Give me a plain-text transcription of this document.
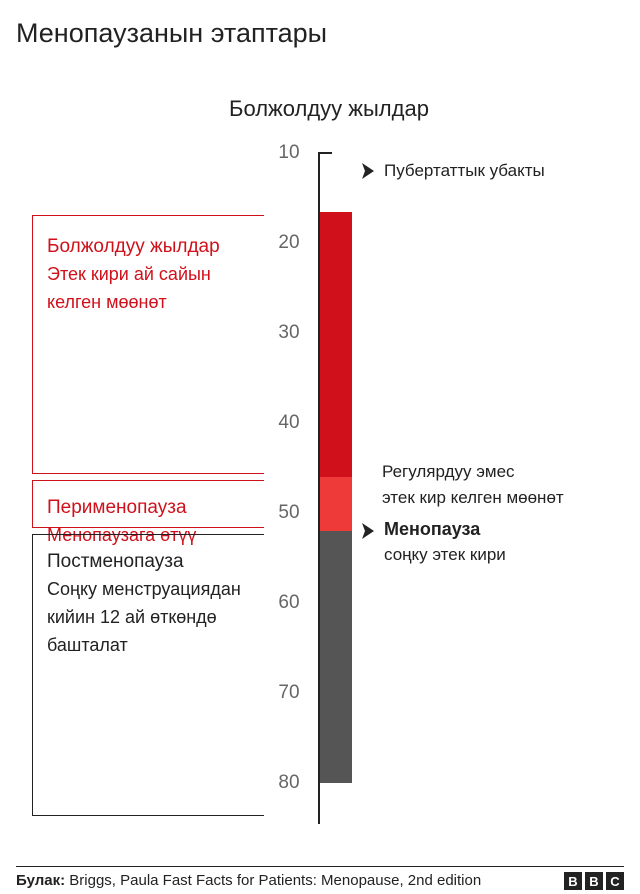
Менопаузанын этаптары
Болжолдуу жылдар
10
20
30
40
50
60
70
80
Болжолдуу жылдар
Этек кири ай сайын
келген мөөнөт
Перименопауза
Менопаузага өтүү
Постменопауза
Соңку менструациядан
кийин 12 ай өткөндө
башталат
Пубертаттык убакты
Регулярдуу эмес
этек кир келген мөөнөт
Менопауза
соңку этек кири
Булак: Briggs, Paula Fast Facts for Patients: Menopause, 2nd edition	B B C
